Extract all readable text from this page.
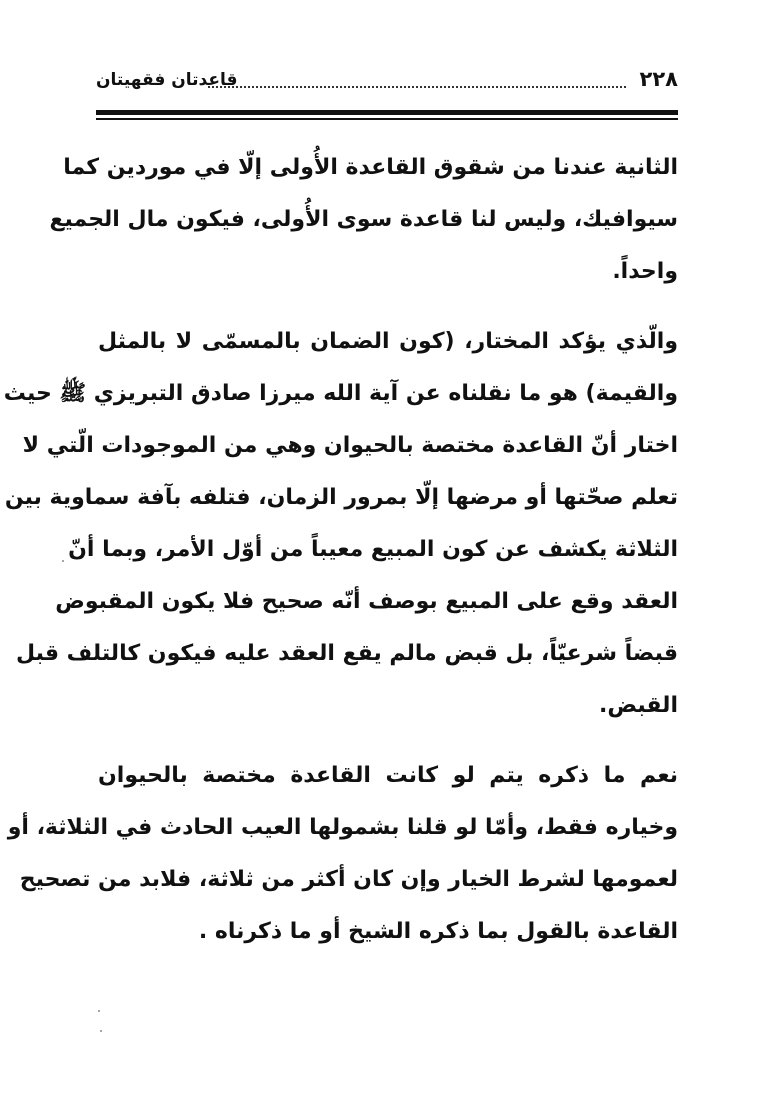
٢٢٨
قاعدتان فقهيتان
الثانية عندنا من شقوق القاعدة الأُولى إلّا في موردين كما
سيوافيك، وليس لنا قاعدة سوى الأُولى، فيكون مال الجميع
واحداً.
والّذي يؤكد المختار، (كون الضمان بالمسمّى لا بالمثل
والقيمة) هو ما نقلناه عن آية الله ميرزا صادق التبريزي ﷺ حيث
اختار أنّ القاعدة مختصة بالحيوان وهي من الموجودات الّتي لا
تعلم صحّتها أو مرضها إلّا بمرور الزمان، فتلفه بآفة سماوية بين
الثلاثة يكشف عن كون المبيع معيباً من أوّل الأمر، وبما أنّ
العقد وقع على المبيع بوصف أنّه صحيح فلا يكون المقبوض
قبضاً شرعيّاً، بل قبض مالم يقع العقد عليه فيكون كالتلف قبل
القبض.
نعم ما ذكره يتم لو كانت القاعدة مختصة بالحيوان
وخياره فقط، وأمّا لو قلنا بشمولها العيب الحادث في الثلاثة، أو
لعمومها لشرط الخيار وإن كان أكثر من ثلاثة، فلابد من تصحيح
القاعدة بالقول بما ذكره الشيخ أو ما ذكرناه .
